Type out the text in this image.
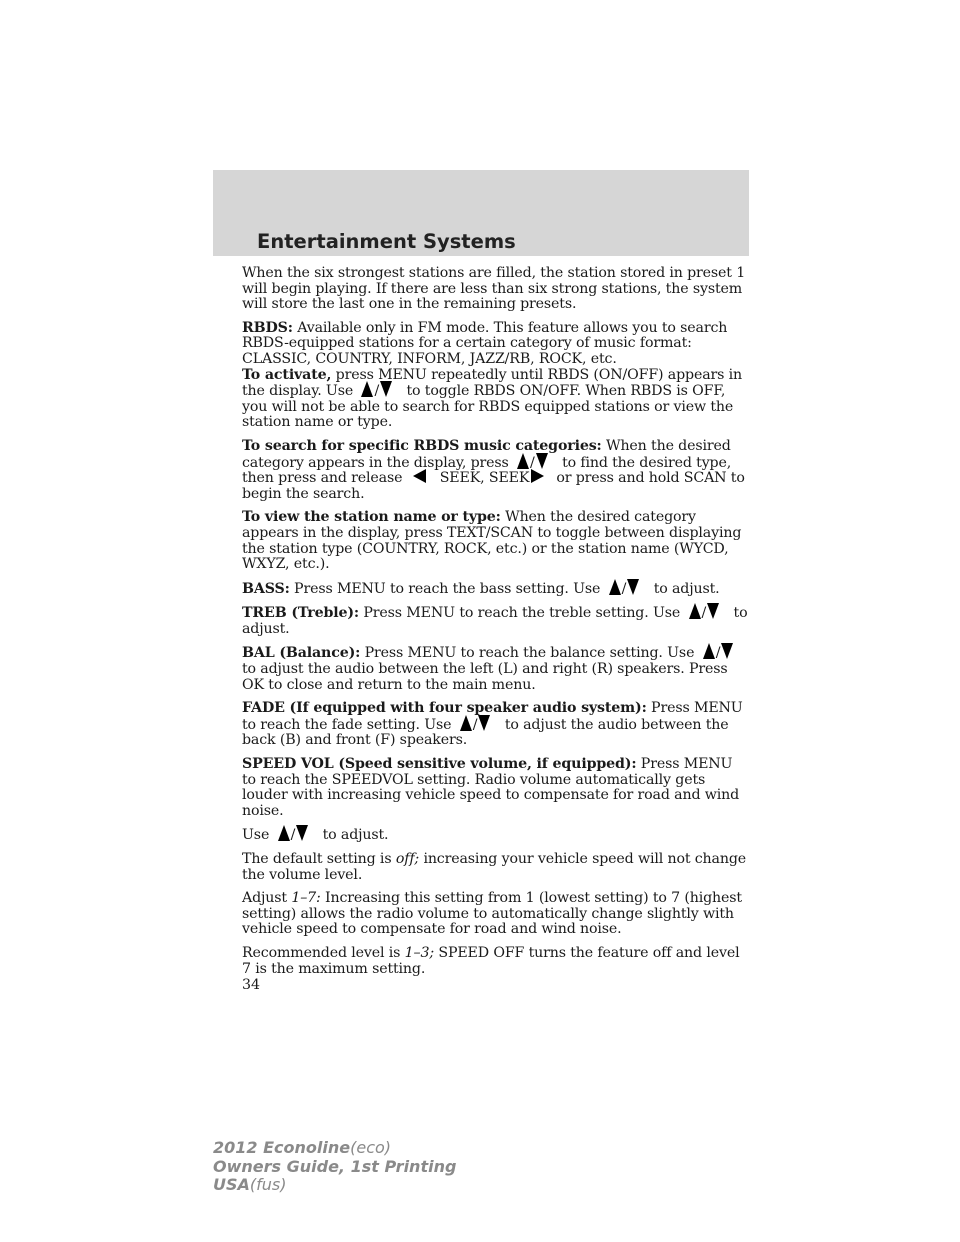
Entertainment Systems

When the six strongest stations are filled, the station stored in preset 1 will begin playing. If there are less than six strong stations, the system will store the last one in the remaining presets.

RBDS: Available only in FM mode. This feature allows you to search RBDS-equipped stations for a certain category of music format: CLASSIC, COUNTRY, INFORM, JAZZ/RB, ROCK, etc.

To activate, press MENU repeatedly until RBDS (ON/OFF) appears in the display. Use / to toggle RBDS ON/OFF. When RBDS is OFF, you will not be able to search for RBDS equipped stations or view the station name or type.

To search for specific RBDS music categories: When the desired category appears in the display, press / to find the desired type, then press and release	SEEK, SEEK or press and hold SCAN to begin the search.

To view the station name or type: When the desired category appears in the display, press TEXT/SCAN to toggle between displaying the station type (COUNTRY, ROCK, etc.) or the station name (WYCD, WXYZ, etc.).

BASS: Press MENU to reach the bass setting. Use / to adjust.

TREB (Treble): Press MENU to reach the treble setting. Use / to adjust.

BAL (Balance): Press MENU to reach the balance setting. Use / to adjust the audio between the left (L) and right (R) speakers. Press OK to close and return to the main menu.

FADE (If equipped with four speaker audio system): Press MENU to reach the fade setting. Use / to adjust the audio between the back (B) and front (F) speakers.

SPEED VOL (Speed sensitive volume, if equipped): Press MENU to reach the SPEEDVOL setting. Radio volume automatically gets louder with increasing vehicle speed to compensate for road and wind noise.

Use / to adjust.

The default setting is off; increasing your vehicle speed will not change the volume level.

Adjust 1–7: Increasing this setting from 1 (lowest setting) to 7 (highest setting) allows the radio volume to automatically change slightly with vehicle speed to compensate for road and wind noise.

Recommended level is 1–3; SPEED OFF turns the feature off and level 7 is the maximum setting.

34
2012 Econoline(eco)
Owners Guide, 1st Printing
USA(fus)
